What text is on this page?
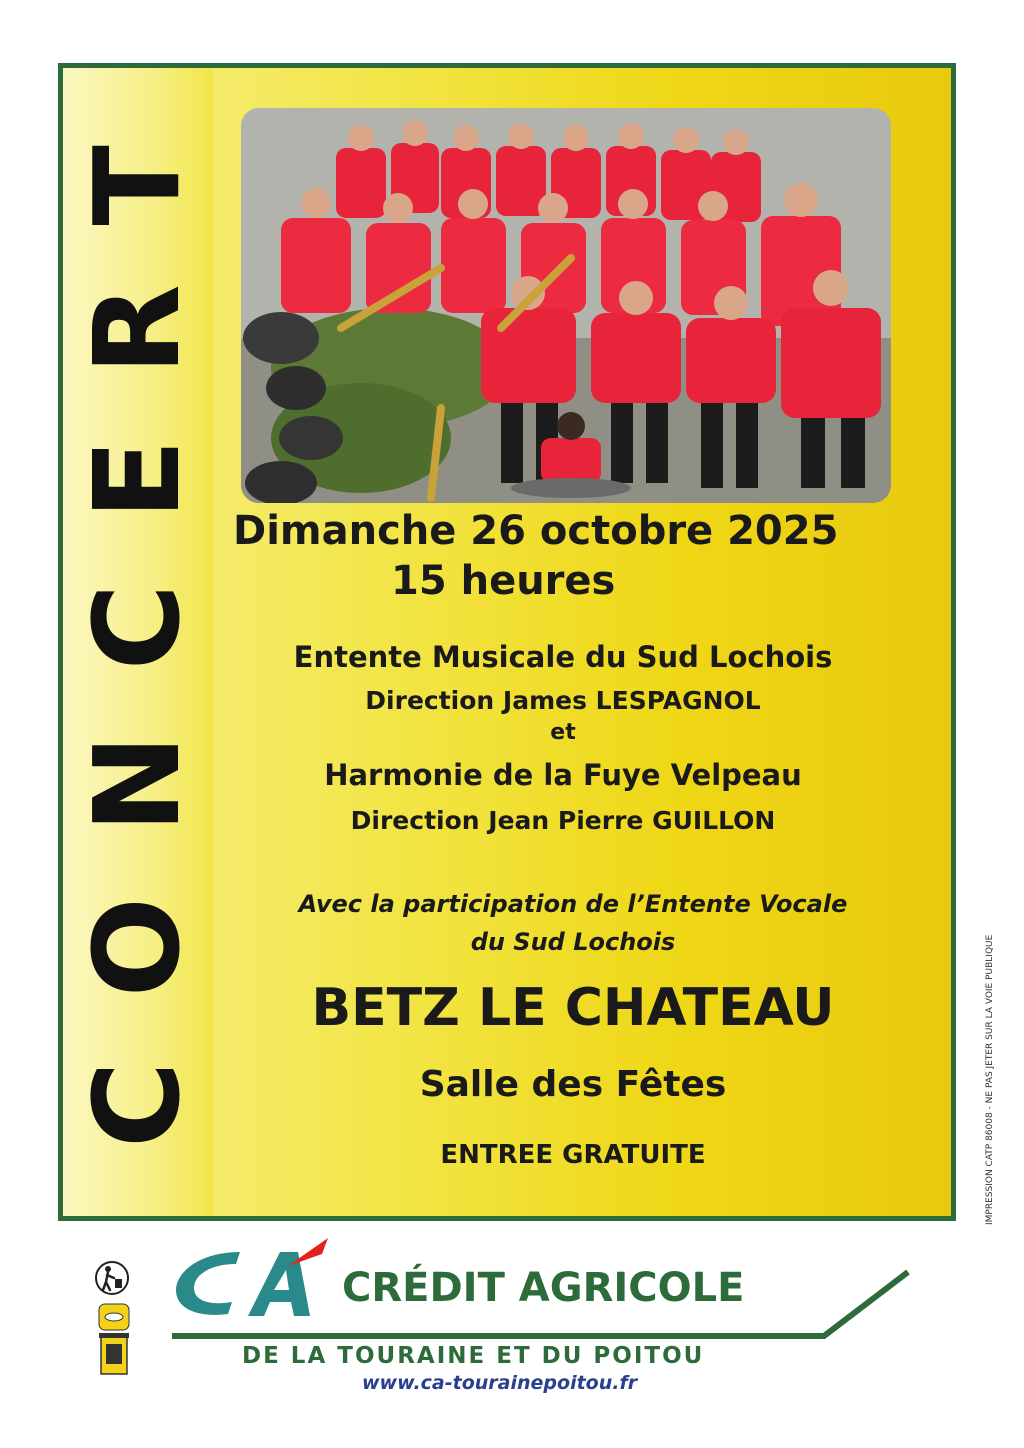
CONCERT Dimanche 26 octobre 2025
15 heures
Entente Musicale du Sud Lochois
Direction James LESPAGNOL
et
Harmonie de la Fuye Velpeau
Direction Jean Pierre GUILLON
Avec la participation de l’Entente Vocale
du Sud Lochois
BETZ LE CHATEAU
Salle des Fêtes
ENTREE GRATUITE	IMPRESSION CATP 86008 - NE PAS JETER SUR LA VOIE PUBLIQUE
CRÉDIT AGRICOLE
DE LA TOURAINE ET DU POITOU
www.ca-tourainepoitou.fr
